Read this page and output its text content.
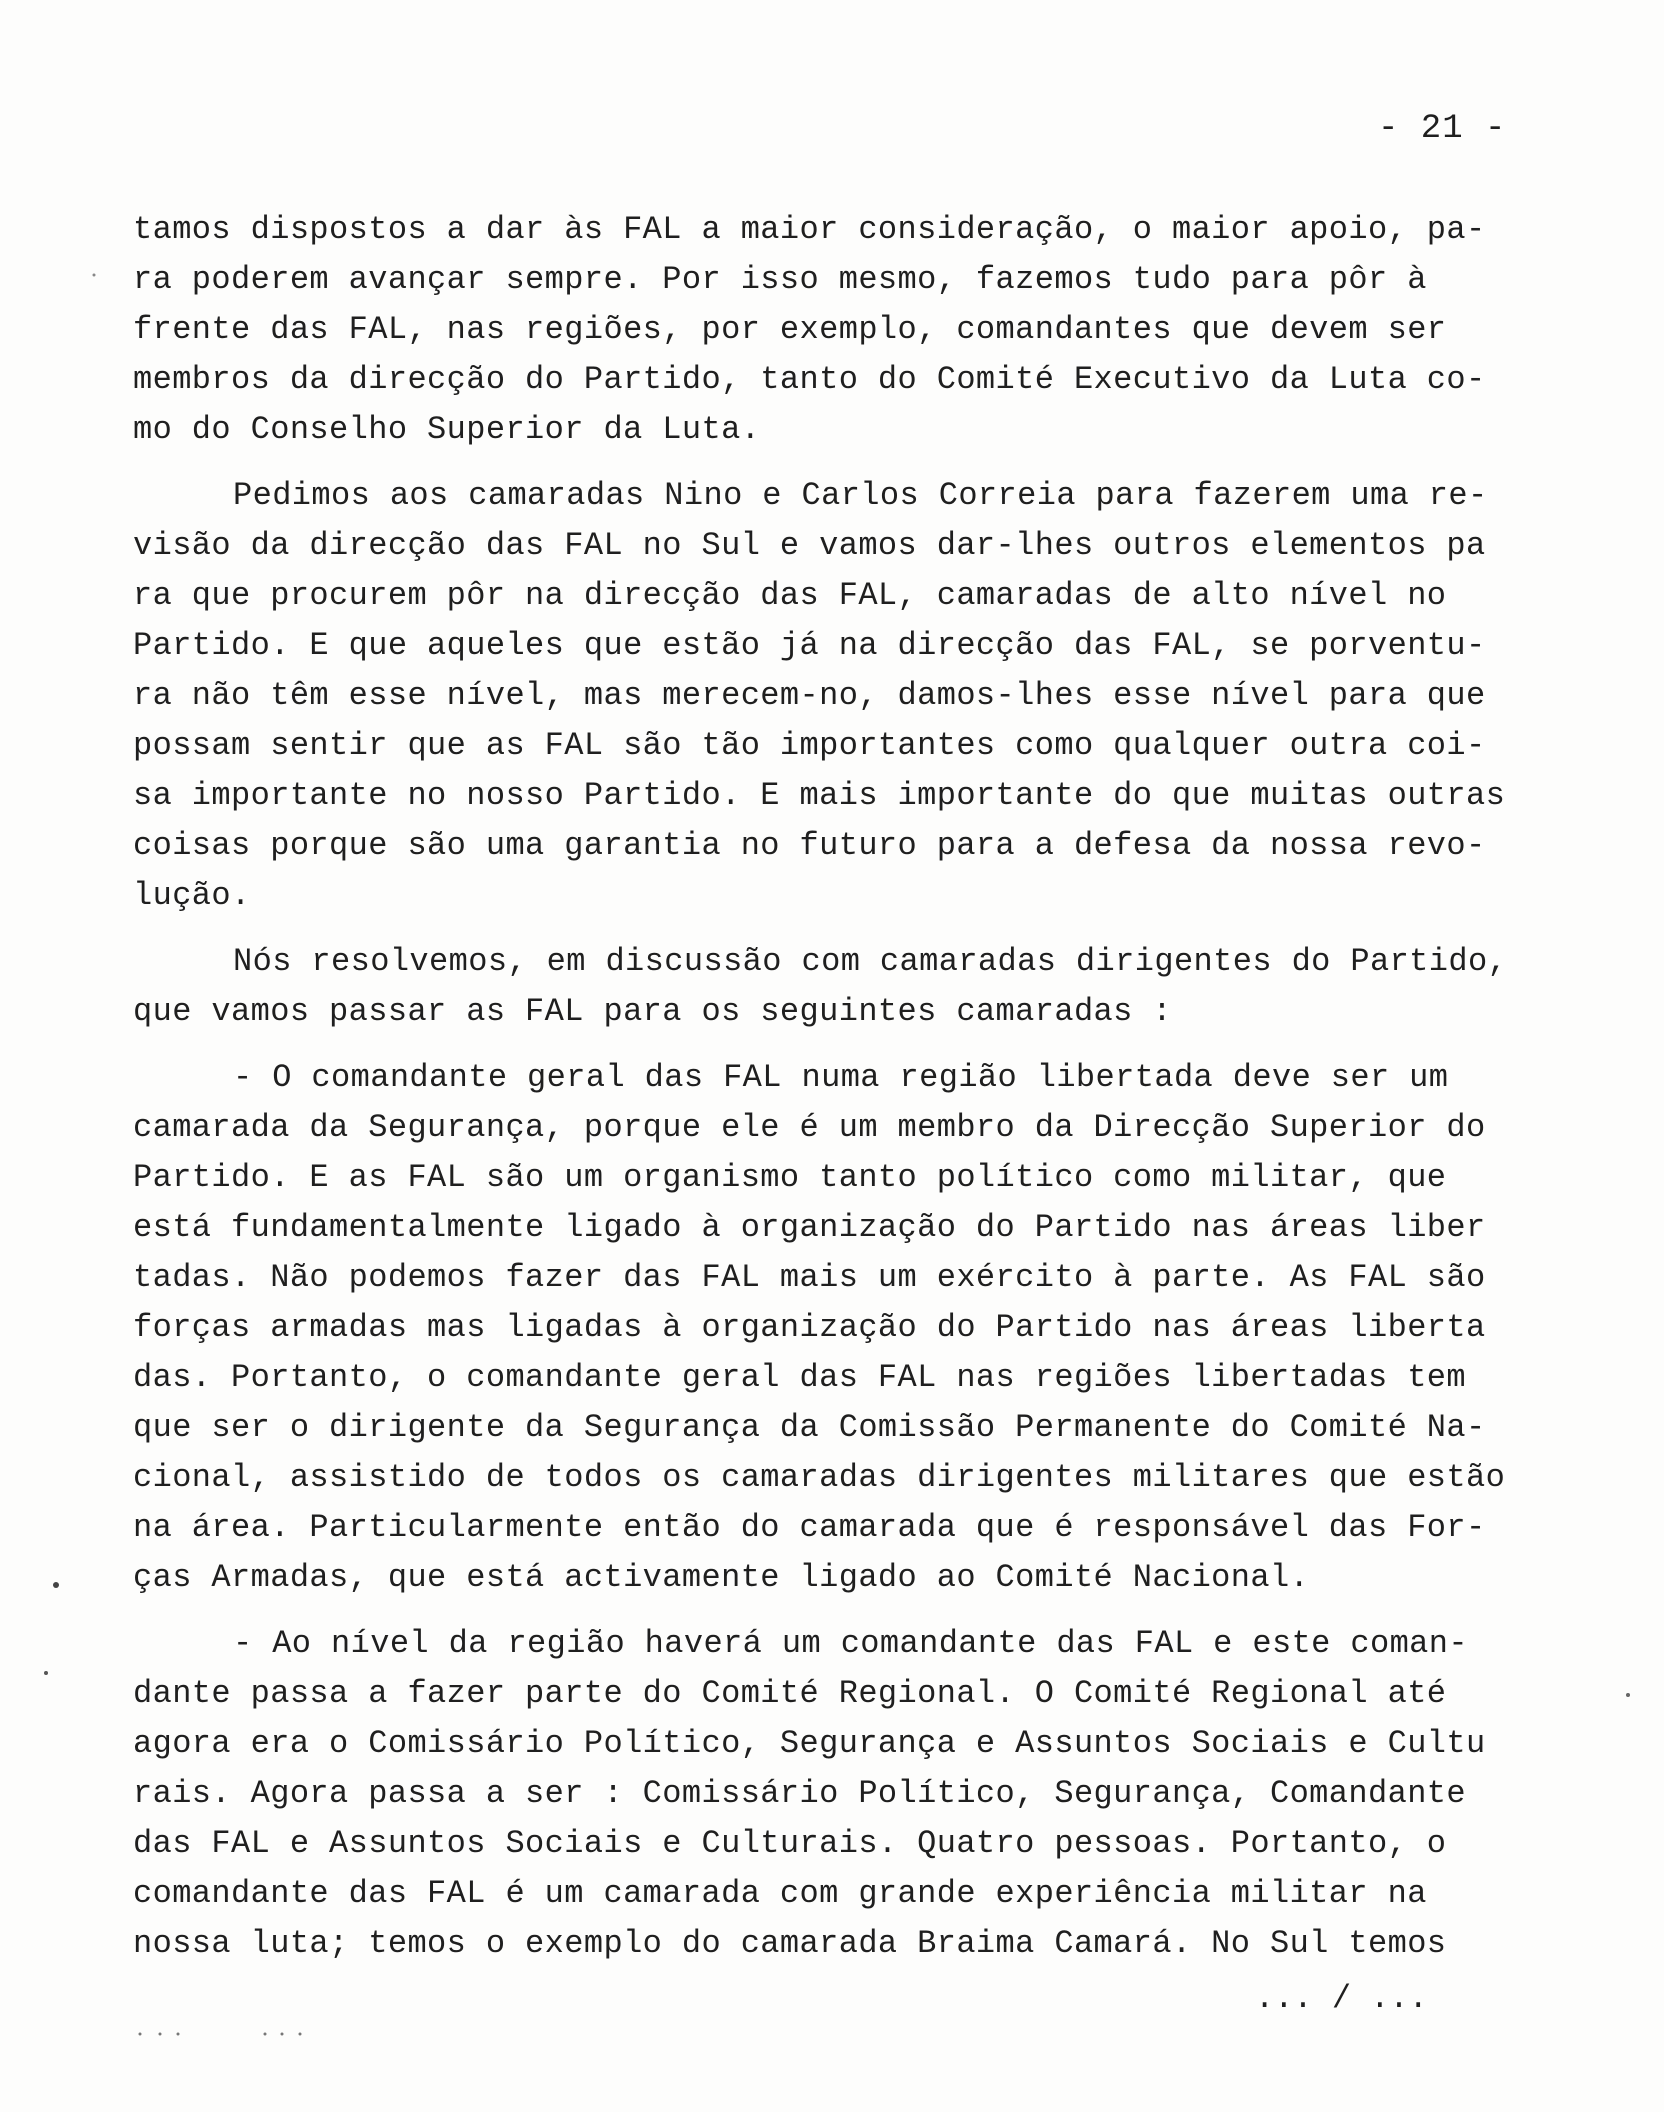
- 21 -
tamos dispostos a dar às FAL a maior consideração, o maior apoio, pa-
ra poderem avançar sempre. Por isso mesmo, fazemos tudo para pôr à
frente das FAL, nas regiões, por exemplo, comandantes que devem ser
membros da direcção do Partido, tanto do Comité Executivo da Luta co-
mo do Conselho Superior da Luta.
Pedimos aos camaradas Nino e Carlos Correia para fazerem uma re-
visão da direcção das FAL no Sul e vamos dar-lhes outros elementos pa
ra que procurem pôr na direcção das FAL, camaradas de alto nível no
Partido. E que aqueles que estão já na direcção das FAL, se porventu-
ra não têm esse nível, mas merecem-no, damos-lhes esse nível para que
possam sentir que as FAL são tão importantes como qualquer outra coi-
sa importante no nosso Partido. E mais importante do que muitas outras
coisas porque são uma garantia no futuro para a defesa da nossa revo-
lução.
Nós resolvemos, em discussão com camaradas dirigentes do Partido,
que vamos passar as FAL para os seguintes camaradas :
- O comandante geral das FAL numa região libertada deve ser um
camarada da Segurança, porque ele é um membro da Direcção Superior do
Partido. E as FAL são um organismo tanto político como militar, que
está fundamentalmente ligado à organização do Partido nas áreas liber
tadas. Não podemos fazer das FAL mais um exército à parte. As FAL são
forças armadas mas ligadas à organização do Partido nas áreas liberta
das. Portanto, o comandante geral das FAL nas regiões libertadas tem
que ser o dirigente da Segurança da Comissão Permanente do Comité Na-
cional, assistido de todos os camaradas dirigentes militares que estão
na área. Particularmente então do camarada que é responsável das For-
ças Armadas, que está activamente ligado ao Comité Nacional.
- Ao nível da região haverá um comandante das FAL e este coman-
dante passa a fazer parte do Comité Regional. O Comité Regional até
agora era o Comissário Político, Segurança e Assuntos Sociais e Cultu
rais. Agora passa a ser : Comissário Político, Segurança, Comandante
das FAL e Assuntos Sociais e Culturais. Quatro pessoas. Portanto, o
comandante das FAL é um camarada com grande experiência militar na
nossa luta; temos o exemplo do camarada Braima Camará. No Sul temos
... / ...
